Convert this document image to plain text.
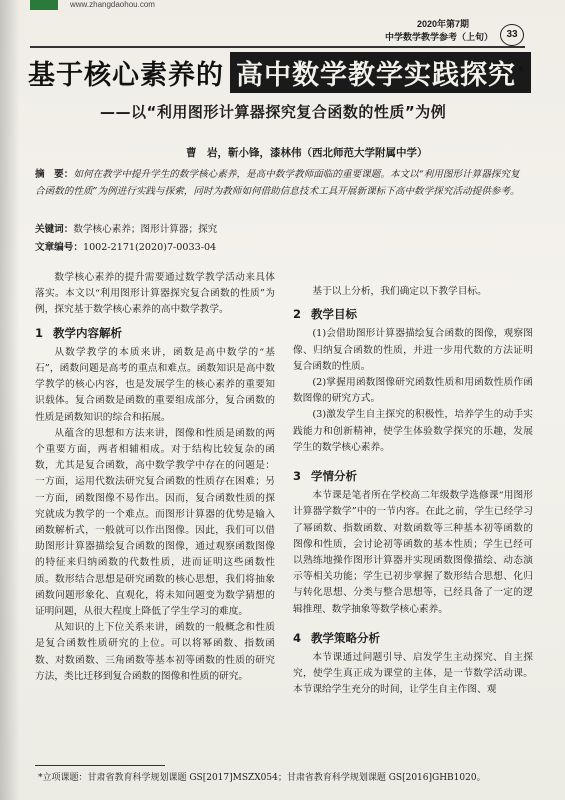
www.zhangdaohou.com
2020年第7期
中学数学教学参考（上旬）	33
基于核心素养的 高中数学教学实践探究 *
——以“利用图形计算器探究复合函数的性质”为例
曹　岩，靳小锋，漆林伟（西北师范大学附属中学）
摘　要：如何在教学中提升学生的数学核心素养，是高中数学教师面临的重要课题。本文以“利用图形计算器探究复合函数的性质”为例进行实践与探索，同时为教师如何借助信息技术工具开展新课标下高中数学探究活动提供参考。
关键词：数学核心素养；图形计算器；探究
文章编号：1002-2171(2020)7-0033-04

数学核心素养的提升需要通过数学教学活动来具体落实。本文以“利用图形计算器探究复合函数的性质”为例，探究基于数学核心素养的高中数学教学。

1 教学内容解析

从数学教学的本质来讲，函数是高中数学的“基石”，函数问题是高考的重点和难点。函数知识是高中数学教学的核心内容，也是发展学生的核心素养的重要知识载体。复合函数是函数的重要组成部分，复合函数的性质是函数知识的综合和拓展。

从蕴含的思想和方法来讲，图像和性质是函数的两个重要方面，两者相辅相成。对于结构比较复杂的函数，尤其是复合函数，高中数学教学中存在的问题是：一方面，运用代数法研究复合函数的性质存在困难；另一方面，函数图像不易作出。因而，复合函数性质的探究就成为教学的一个难点。而图形计算器的优势是输入函数解析式，一般就可以作出图像。因此，我们可以借助图形计算器描绘复合函数的图像，通过观察函数图像的特征来归纳函数的代数性质，进而证明这些函数性质。数形结合思想是研究函数的核心思想，我们将抽象函数问题形象化、直观化，将未知问题变为数学猜想的证明问题，从很大程度上降低了学生学习的难度。

从知识的上下位关系来讲，函数的一般概念和性质是复合函数性质研究的上位。可以将幂函数、指数函数、对数函数、三角函数等基本初等函数的性质的研究方法，类比迁移到复合函数的图像和性质的研究。

基于以上分析，我们确定以下教学目标。

2 教学目标

(1)会借助图形计算器描绘复合函数的图像，观察图像、归纳复合函数的性质，并进一步用代数的方法证明复合函数的性质。

(2)掌握用函数图像研究函数性质和用函数性质作函数图像的研究方式。

(3)激发学生自主探究的积极性，培养学生的动手实践能力和创新精神，使学生体验数学探究的乐趣，发展学生的数学核心素养。

3 学情分析

本节课是笔者所在学校高二年级数学选修课“用图形计算器学数学”中的一节内容。在此之前，学生已经学习了幂函数、指数函数、对数函数等三种基本初等函数的图像和性质，会讨论初等函数的基本性质；学生已经可以熟练地操作图形计算器并实现函数图像描绘、动态演示等相关功能；学生已初步掌握了数形结合思想、化归与转化思想、分类与整合思想等，已经具备了一定的逻辑推理、数学抽象等数学核心素养。

4 教学策略分析

本节课通过问题引导、启发学生主动探究、自主探究，使学生真正成为课堂的主体，是一节数学活动课。本节课给学生充分的时间，让学生自主作图、观

*立项课题：甘肃省教育科学规划课题 GS[2017]MSZX054；甘肃省教育科学规划课题 GS[2016]GHB1020。
